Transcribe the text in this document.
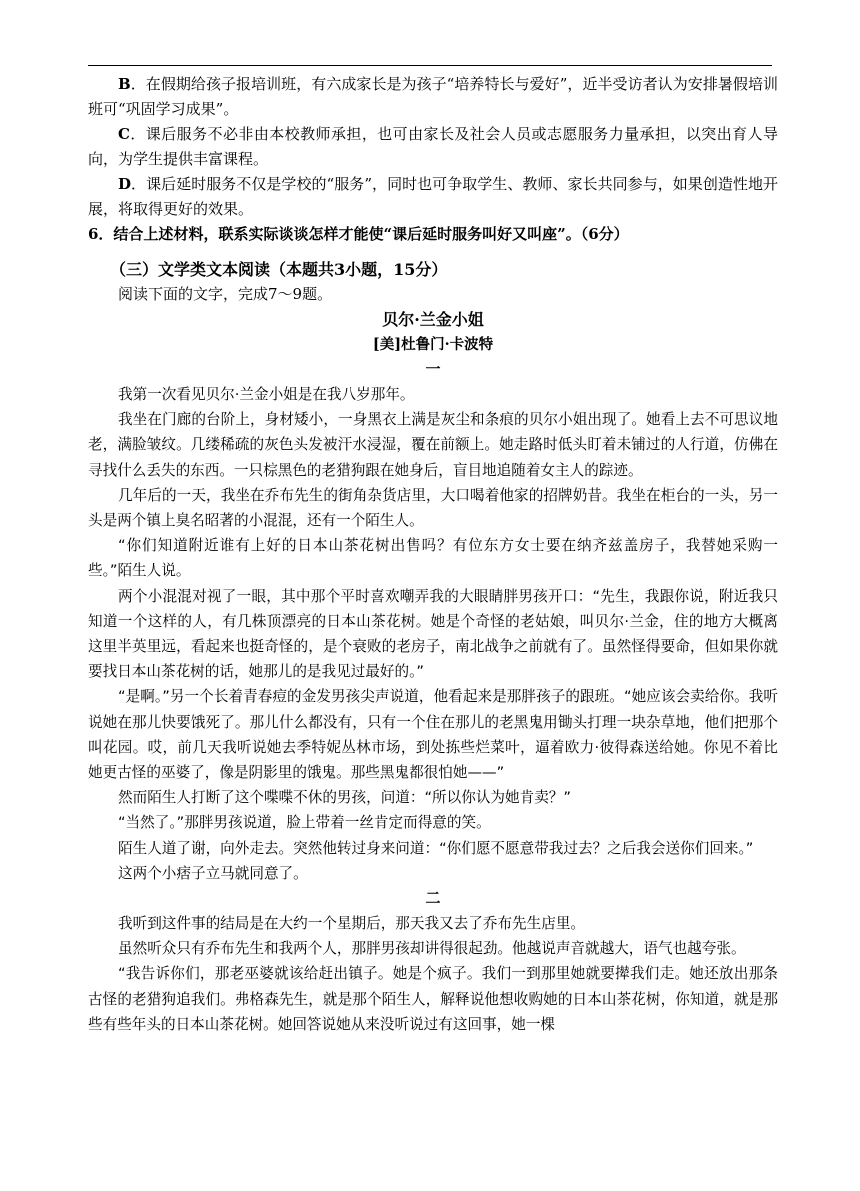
B．在假期给孩子报培训班，有六成家长是为孩子“培养特长与爱好”，近半受访者认为安排暑假培训班可“巩固学习成果”。

C．课后服务不必非由本校教师承担，也可由家长及社会人员或志愿服务力量承担，以突出育人导向，为学生提供丰富课程。

D．课后延时服务不仅是学校的“服务”，同时也可争取学生、教师、家长共同参与，如果创造性地开展，将取得更好的效果。

6．结合上述材料，联系实际谈谈怎样才能使“课后延时服务叫好又叫座”。（6分）

（三）文学类文本阅读（本题共3小题，15分）

阅读下面的文字，完成7～9题。

贝尔·兰金小姐

[美]杜鲁门·卡波特

一

我第一次看见贝尔·兰金小姐是在我八岁那年。

我坐在门廊的台阶上，身材矮小，一身黑衣上满是灰尘和条痕的贝尔小姐出现了。她看上去不可思议地老，满脸皱纹。几缕稀疏的灰色头发被汗水浸湿，覆在前额上。她走路时低头盯着未铺过的人行道，仿佛在寻找什么丢失的东西。一只棕黑色的老猎狗跟在她身后，盲目地追随着女主人的踪迹。

几年后的一天，我坐在乔布先生的街角杂货店里，大口喝着他家的招牌奶昔。我坐在柜台的一头，另一头是两个镇上臭名昭著的小混混，还有一个陌生人。

“你们知道附近谁有上好的日本山茶花树出售吗？有位东方女士要在纳齐兹盖房子，我替她采购一些。”陌生人说。

两个小混混对视了一眼，其中那个平时喜欢嘲弄我的大眼睛胖男孩开口：“先生，我跟你说，附近我只知道一个这样的人，有几株顶漂亮的日本山茶花树。她是个奇怪的老姑娘，叫贝尔·兰金，住的地方大概离这里半英里远，看起来也挺奇怪的，是个衰败的老房子，南北战争之前就有了。虽然怪得要命，但如果你就要找日本山茶花树的话，她那儿的是我见过最好的。”

“是啊。”另一个长着青春痘的金发男孩尖声说道，他看起来是那胖孩子的跟班。“她应该会卖给你。我听说她在那儿快要饿死了。那儿什么都没有，只有一个住在那儿的老黑鬼用锄头打理一块杂草地，他们把那个叫花园。哎，前几天我听说她去季特妮丛林市场，到处拣些烂菜叶，逼着欧力·彼得森送给她。你见不着比她更古怪的巫婆了，像是阴影里的饿鬼。那些黑鬼都很怕她——”

然而陌生人打断了这个喋喋不休的男孩，问道：“所以你认为她肯卖？”

“当然了。”那胖男孩说道，脸上带着一丝肯定而得意的笑。

陌生人道了谢，向外走去。突然他转过身来问道：“你们愿不愿意带我过去？之后我会送你们回来。”

这两个小痞子立马就同意了。

二

我听到这件事的结局是在大约一个星期后，那天我又去了乔布先生店里。

虽然听众只有乔布先生和我两个人，那胖男孩却讲得很起劲。他越说声音就越大，语气也越夸张。

“我告诉你们，那老巫婆就该给赶出镇子。她是个疯子。我们一到那里她就要撵我们走。她还放出那条古怪的老猎狗追我们。弗格森先生，就是那个陌生人，解释说他想收购她的日本山茶花树，你知道，就是那些有些年头的日本山茶花树。她回答说她从来没听说过有这回事，她一棵
